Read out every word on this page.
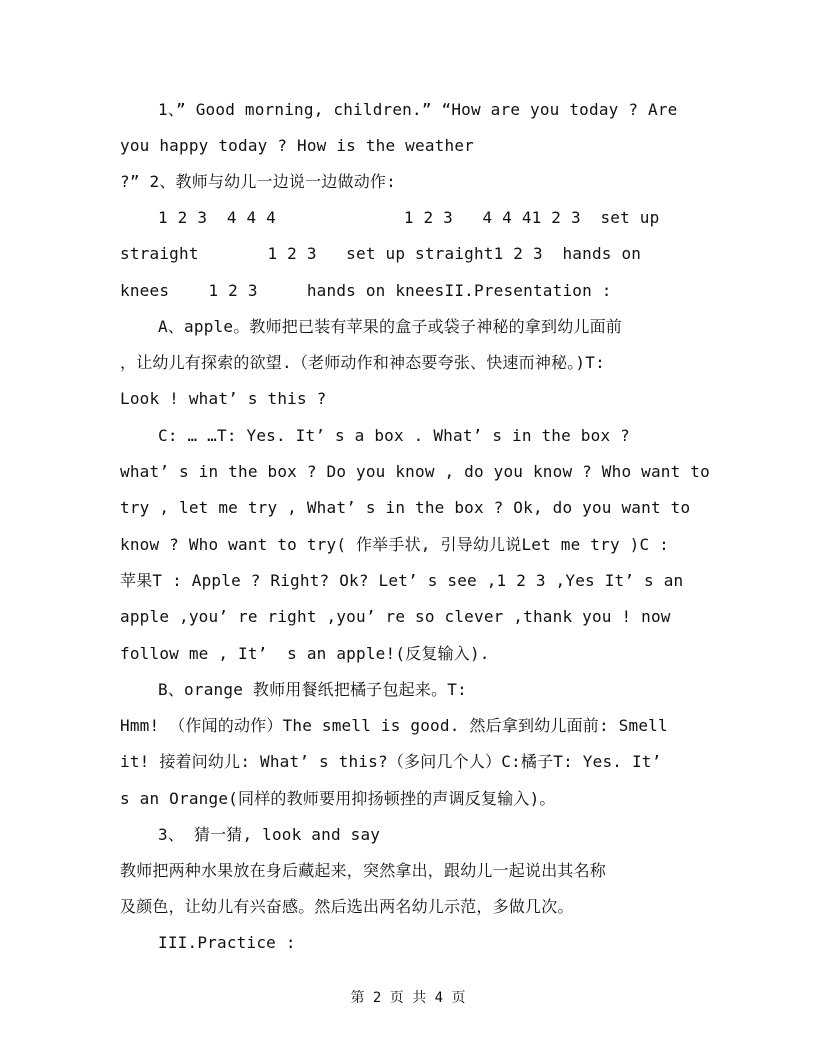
1、” Good morning, children.” “How are you today ? Are
you happy today ? How is the weather
?” 2、教师与幼儿一边说一边做动作:
1 2 3  4 4 4             1 2 3   4 4 41 2 3  set up
straight       1 2 3   set up straight1 2 3  hands on
knees    1 2 3     hands on kneesII.Presentation :
A、apple。教师把已装有苹果的盒子或袋子神秘的拿到幼儿面前
，让幼儿有探索的欲望.（老师动作和神态要夸张、快速而神秘。)T:
Look ! what’ s this ?
C: … …T: Yes. It’ s a box . What’ s in the box ?
what’ s in the box ? Do you know , do you know ? Who want to
try , let me try , What’ s in the box ? Ok, do you want to
know ? Who want to try( 作举手状, 引导幼儿说Let me try )C :
苹果T : Apple ? Right? Ok? Let’ s see ,1 2 3 ,Yes It’ s an
apple ,you’ re right ,you’ re so clever ,thank you ! now
follow me , It’  s an apple!(反复输入).
B、orange 教师用餐纸把橘子包起来。T:
Hmm! （作闻的动作）The smell is good. 然后拿到幼儿面前: Smell
it! 接着问幼儿: What’ s this?（多问几个人）C:橘子T: Yes. It’
s an Orange(同样的教师要用抑扬顿挫的声调反复输入)。
3、 猜一猜, look and say
教师把两种水果放在身后藏起来，突然拿出，跟幼儿一起说出其名称
及颜色，让幼儿有兴奋感。然后选出两名幼儿示范，多做几次。
III.Practice :
第 2 页 共 4 页
